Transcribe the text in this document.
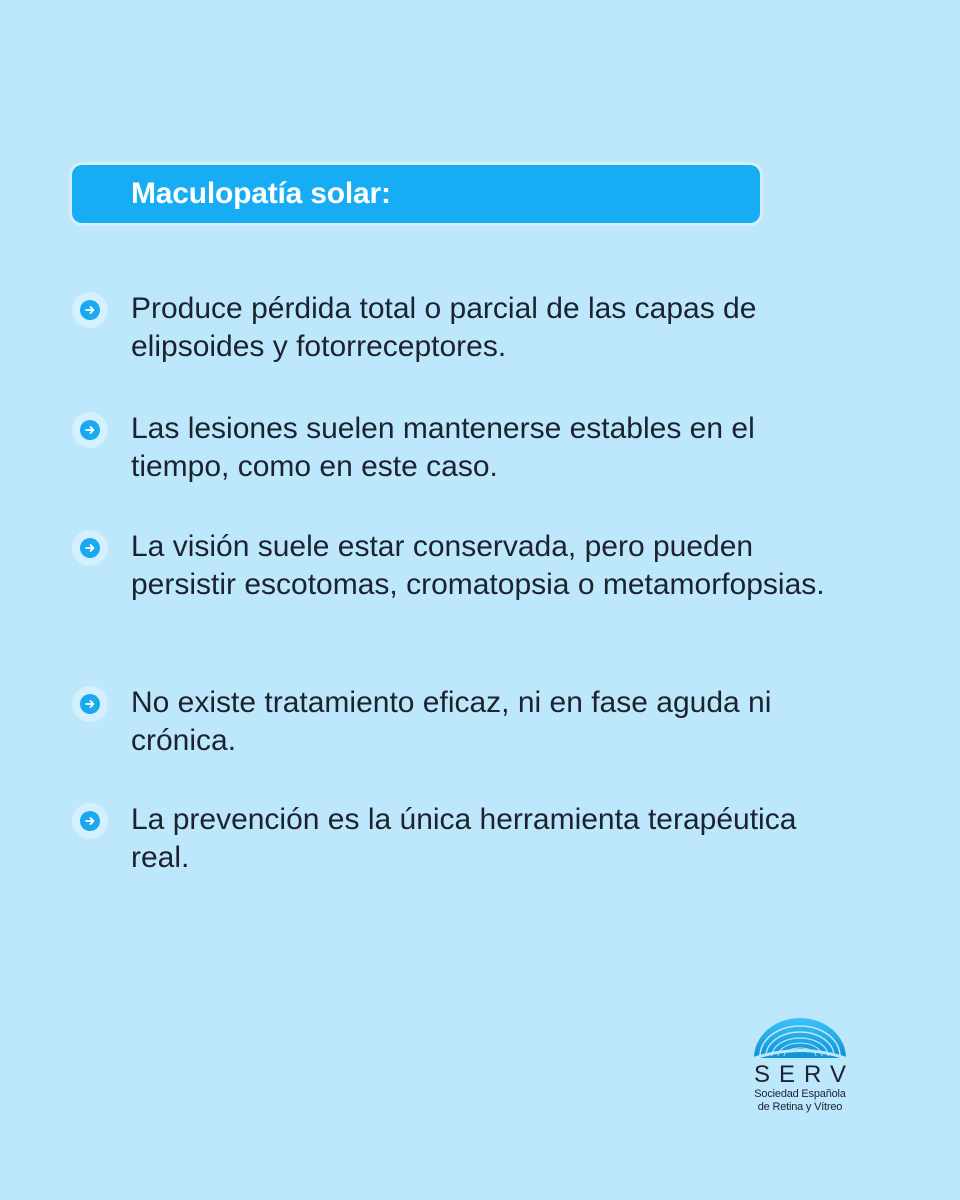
Maculopatía solar:
Produce pérdida total o parcial de las capas de elipsoides y fotorreceptores.
Las lesiones suelen mantenerse estables en el tiempo, como en este caso.
La visión suele estar conservada, pero pueden persistir escotomas, cromatopsia o metamorfopsias.
No existe tratamiento eficaz, ni en fase aguda ni crónica.
La prevención es la única herramienta terapéutica real.
SERV
Sociedad Española
de Retina y Vítreo
